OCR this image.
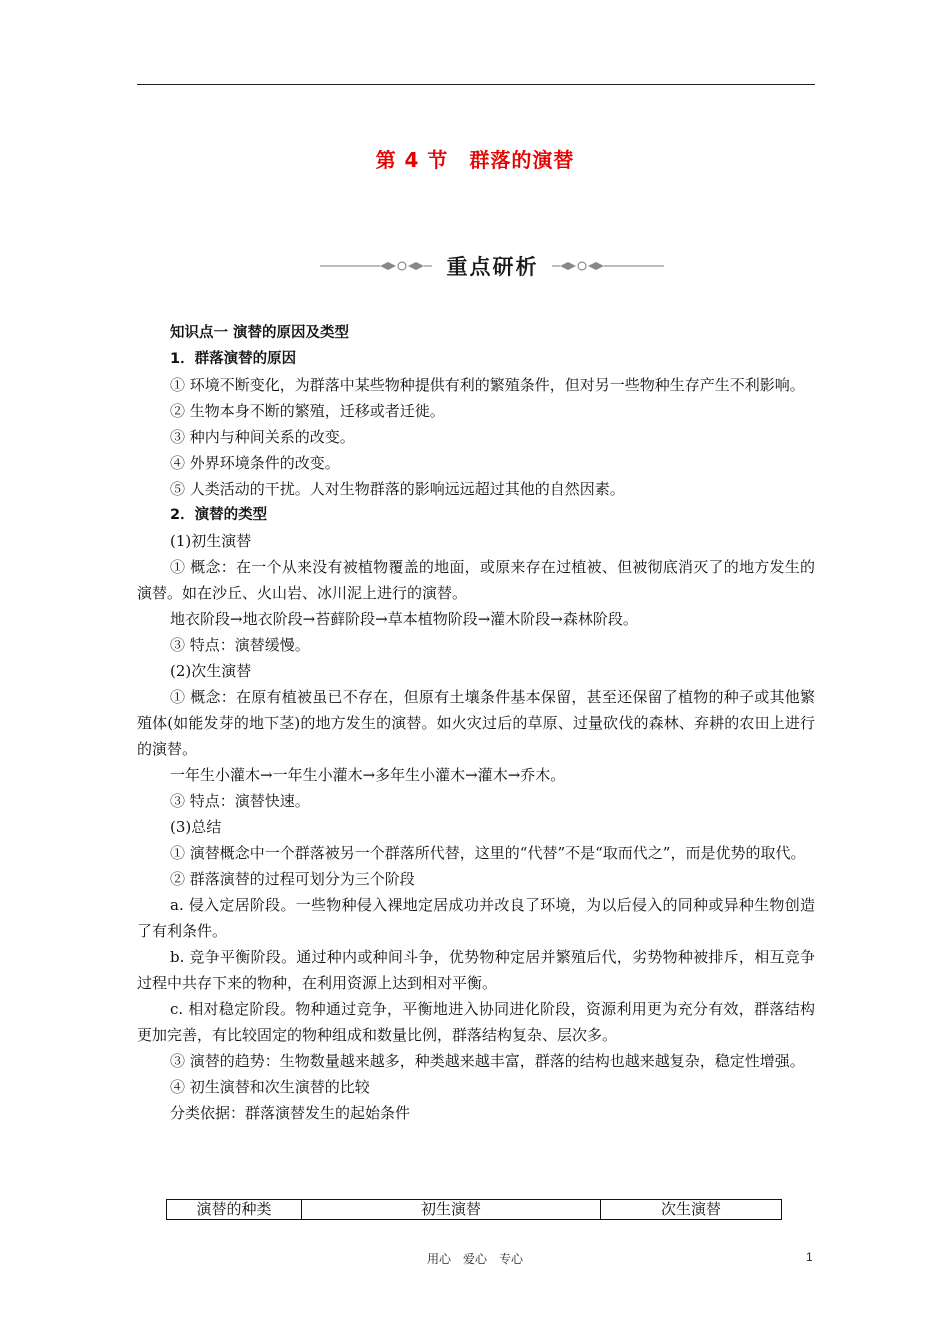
第 4 节　群落的演替
重点研析

知识点一 演替的原因及类型

1．群落演替的原因

① 环境不断变化，为群落中某些物种提供有利的繁殖条件，但对另一些物种生存产生不利影响。

② 生物本身不断的繁殖，迁移或者迁徙。

③ 种内与种间关系的改变。

④ 外界环境条件的改变。

⑤ 人类活动的干扰。人对生物群落的影响远远超过其他的自然因素。

2．演替的类型

(1)初生演替

① 概念：在一个从来没有被植物覆盖的地面，或原来存在过植被、但被彻底消灭了的地方发生的演替。如在沙丘、火山岩、冰川泥上进行的演替。

地衣阶段→地衣阶段→苔藓阶段→草本植物阶段→灌木阶段→森林阶段。

③ 特点：演替缓慢。

(2)次生演替

① 概念：在原有植被虽已不存在，但原有土壤条件基本保留，甚至还保留了植物的种子或其他繁殖体(如能发芽的地下茎)的地方发生的演替。如火灾过后的草原、过量砍伐的森林、弃耕的农田上进行的演替。

一年生小灌木→一年生小灌木→多年生小灌木→灌木→乔木。

③ 特点：演替快速。

(3)总结

① 演替概念中一个群落被另一个群落所代替，这里的“代替”不是“取而代之”，而是优势的取代。

② 群落演替的过程可划分为三个阶段

a. 侵入定居阶段。一些物种侵入裸地定居成功并改良了环境，为以后侵入的同种或异种生物创造了有利条件。

b. 竞争平衡阶段。通过种内或种间斗争，优势物种定居并繁殖后代，劣势物种被排斥，相互竞争过程中共存下来的物种，在利用资源上达到相对平衡。

c. 相对稳定阶段。物种通过竞争，平衡地进入协同进化阶段，资源利用更为充分有效，群落结构更加完善，有比较固定的物种组成和数量比例，群落结构复杂、层次多。

③ 演替的趋势：生物数量越来越多，种类越来越丰富，群落的结构也越来越复杂，稳定性增强。

④ 初生演替和次生演替的比较

分类依据：群落演替发生的起始条件

演替的种类	初生演替	次生演替
用心　爱心　专心	1
